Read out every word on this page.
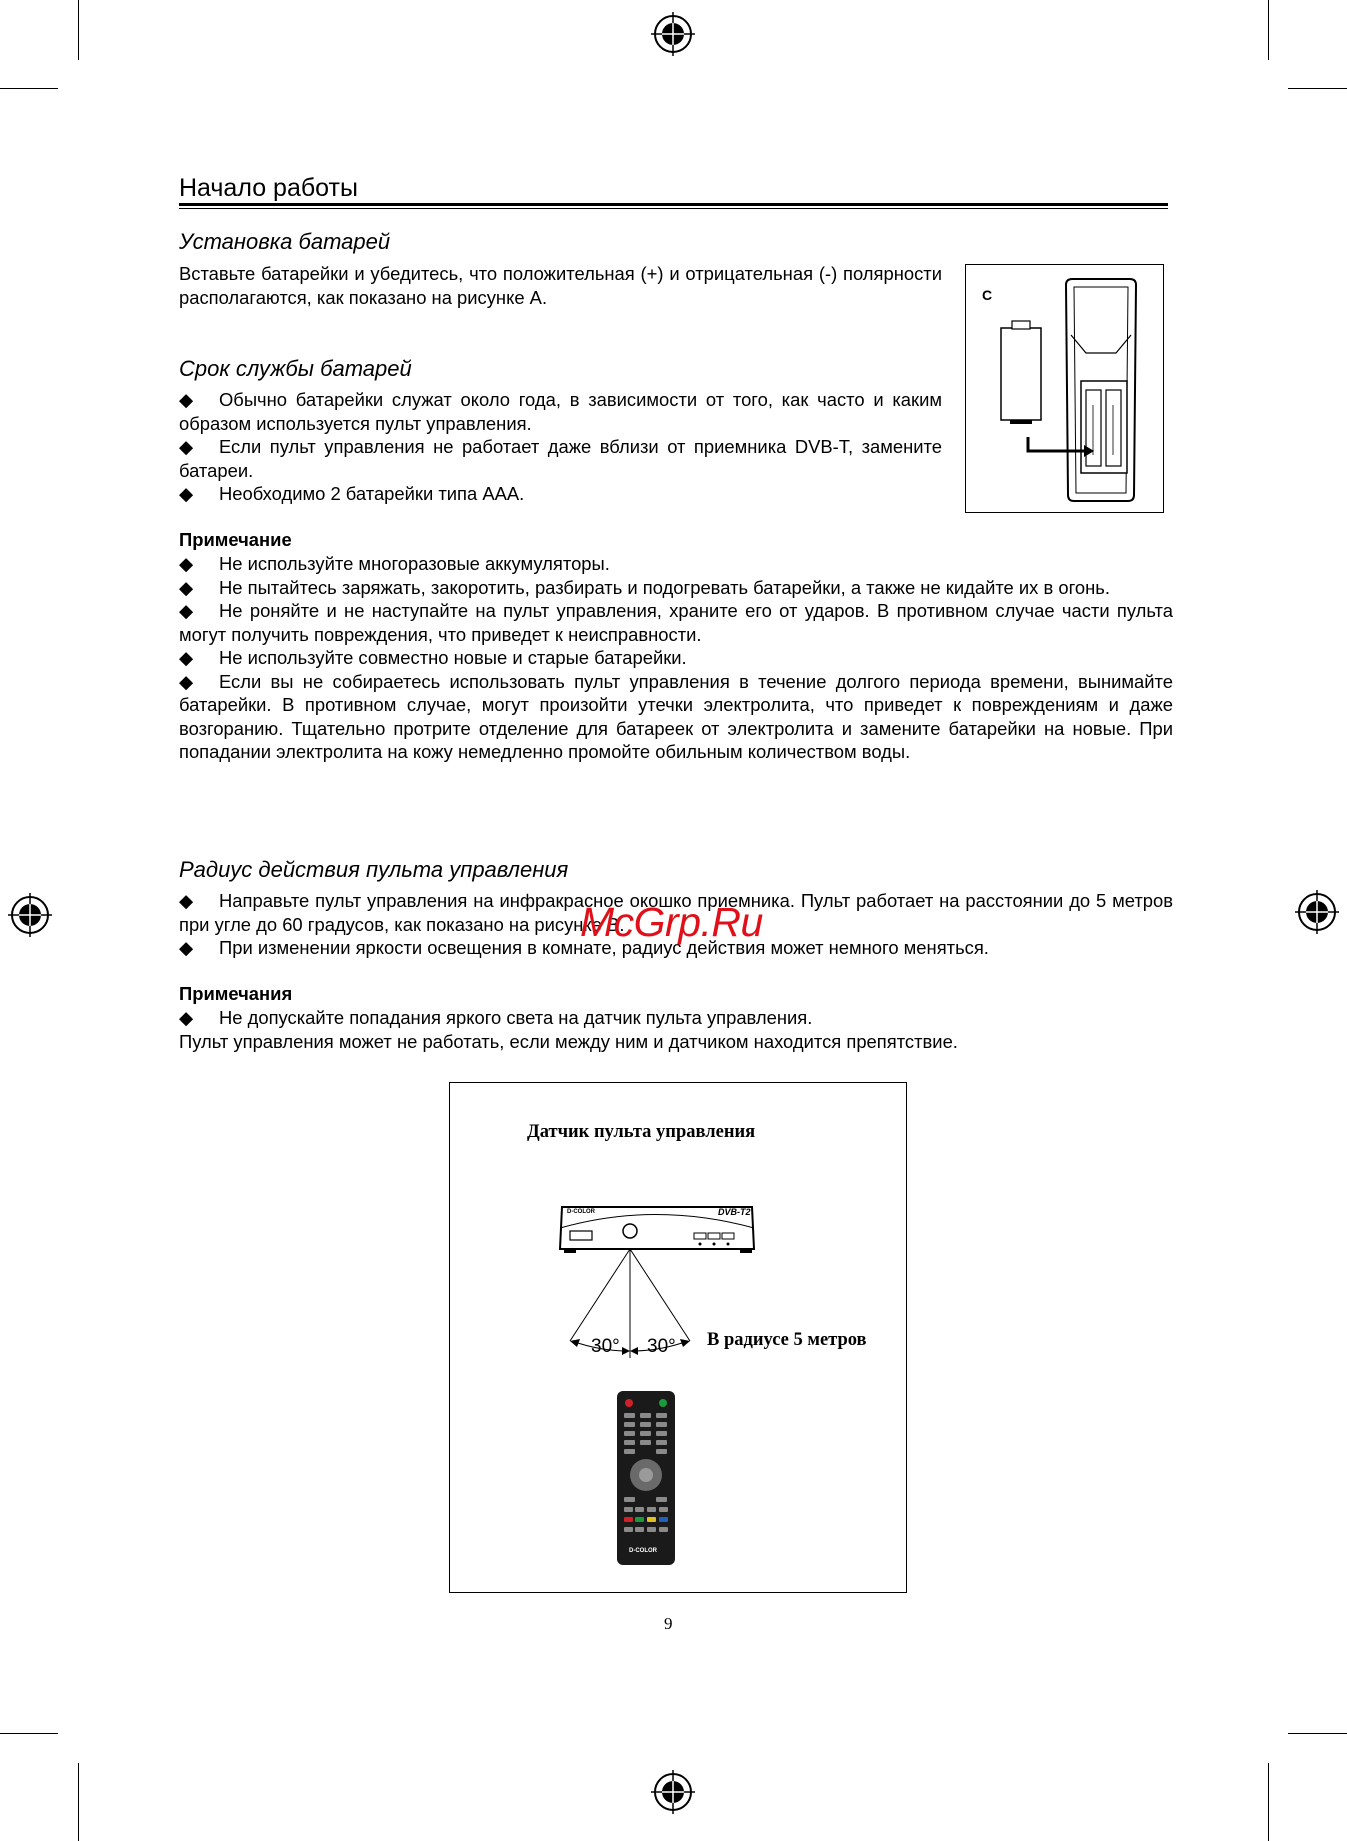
Начало работы
Установка батарей
Вставьте батарейки и убедитесь, что положительная (+) и отрицательная (-) полярности располагаются, как показано на рисунке А.
Срок службы батарей

◆ Обычно батарейки служат около года, в зависимости от того, как часто и каким образом используется пульт управления.

◆ Если пульт управления не работает даже вблизи от приемника DVB-T, замените батареи.

◆ Необходимо 2 батарейки типа ААА.

C
Примечание

◆ Не используйте многоразовые аккумуляторы.

◆ Не пытайтесь заряжать, закоротить, разбирать и подогревать батарейки, а также не кидайте их в огонь.

◆ Не роняйте и не наступайте на пульт управления, храните его от ударов. В противном случае части пульта могут получить повреждения, что приведет к неисправности.

◆ Не используйте совместно новые и старые батарейки.

◆ Если вы не собираетесь использовать пульт управления в течение долгого периода времени, вынимайте батарейки. В противном случае, могут произойти утечки электролита, что приведет к повреждениям и даже возгоранию. Тщательно протрите отделение для батареек от электролита и замените батарейки на новые. При попадании электролита на кожу немедленно промойте обильным количеством воды.

Радиус действия пульта управления

◆ Направьте пульт управления на инфракрасное окошко приемника. Пульт работает на расстоянии до 5 метров при угле до 60 градусов, как показано на рисунке В.

◆ При изменении яркости освещения в комнате, радиус действия может немного меняться.

McGrp.Ru
Примечания

◆ Не допускайте попадания яркого света на датчик пульта управления.

Пульт управления может не работать, если между ним и датчиком находится препятствие.

Датчик пульта управления
D-COLOR	DVB-T2
30° 30° В радиусе 5 метров
D-COLOR
9
